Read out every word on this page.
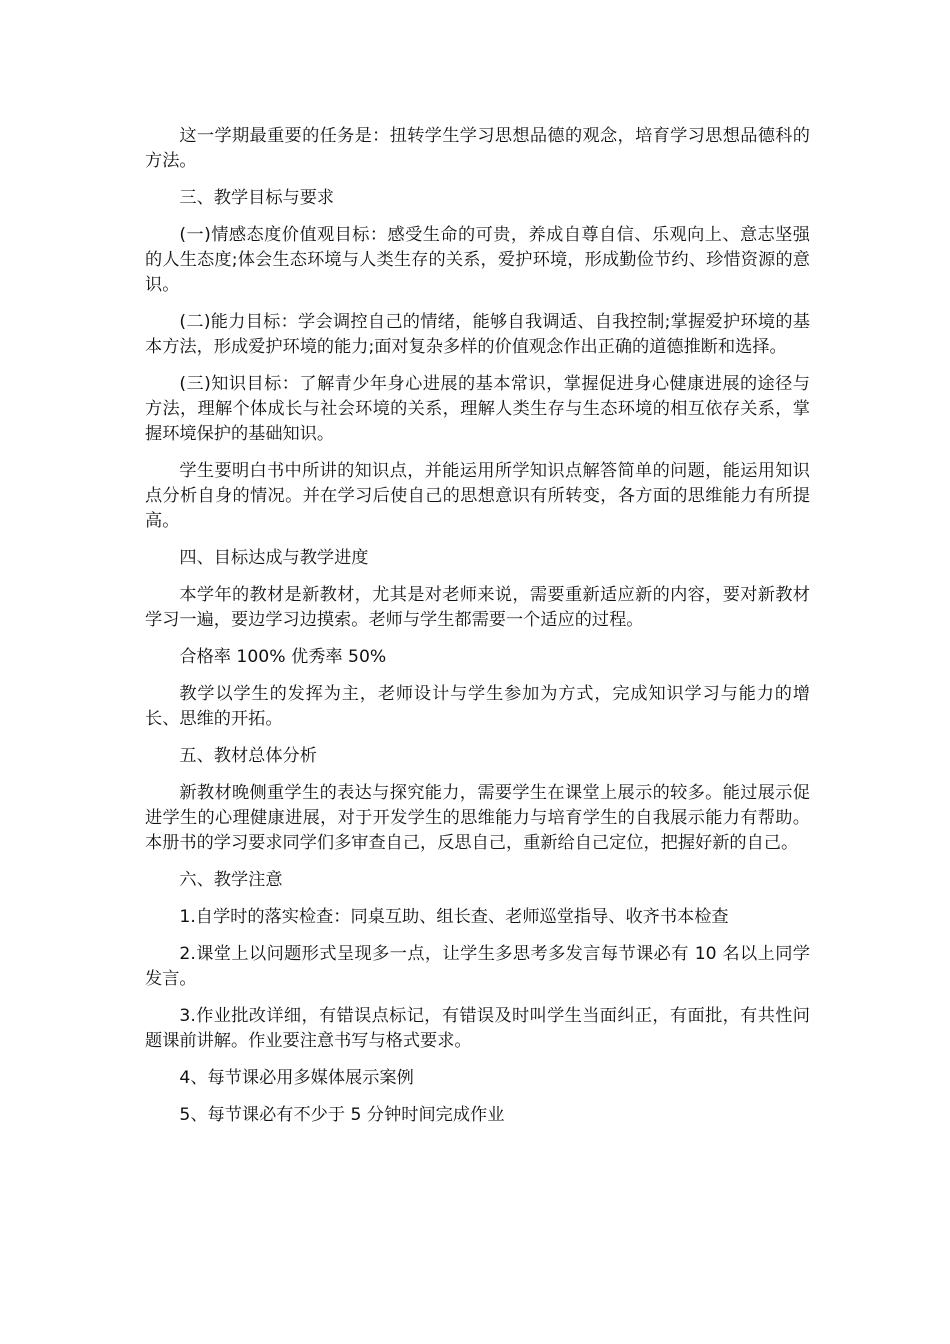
这一学期最重要的任务是：扭转学生学习思想品德的观念，培育学习思想品德科的方法。

三、教学目标与要求

(一)情感态度价值观目标：感受生命的可贵，养成自尊自信、乐观向上、意志坚强的人生态度;体会生态环境与人类生存的关系，爱护环境，形成勤俭节约、珍惜资源的意识。

(二)能力目标：学会调控自己的情绪，能够自我调适、自我控制;掌握爱护环境的基本方法，形成爱护环境的能力;面对复杂多样的价值观念作出正确的道德推断和选择。

(三)知识目标：了解青少年身心进展的基本常识，掌握促进身心健康进展的途径与方法，理解个体成长与社会环境的关系，理解人类生存与生态环境的相互依存关系，掌握环境保护的基础知识。

学生要明白书中所讲的知识点，并能运用所学知识点解答简单的问题，能运用知识点分析自身的情况。并在学习后使自己的思想意识有所转变，各方面的思维能力有所提高。

四、目标达成与教学进度

本学年的教材是新教材，尤其是对老师来说，需要重新适应新的内容，要对新教材学习一遍，要边学习边摸索。老师与学生都需要一个适应的过程。

合格率 100% 优秀率 50%

教学以学生的发挥为主，老师设计与学生参加为方式，完成知识学习与能力的增长、思维的开拓。

五、教材总体分析

新教材晚侧重学生的表达与探究能力，需要学生在课堂上展示的较多。能过展示促进学生的心理健康进展，对于开发学生的思维能力与培育学生的自我展示能力有帮助。本册书的学习要求同学们多审查自己，反思自己，重新给自己定位，把握好新的自己。

六、教学注意

1.自学时的落实检查：同桌互助、组长查、老师巡堂指导、收齐书本检查

2.课堂上以问题形式呈现多一点，让学生多思考多发言每节课必有 10 名以上同学发言。

3.作业批改详细，有错误点标记，有错误及时叫学生当面纠正，有面批，有共性问题课前讲解。作业要注意书写与格式要求。

4、每节课必用多媒体展示案例

5、每节课必有不少于 5 分钟时间完成作业
